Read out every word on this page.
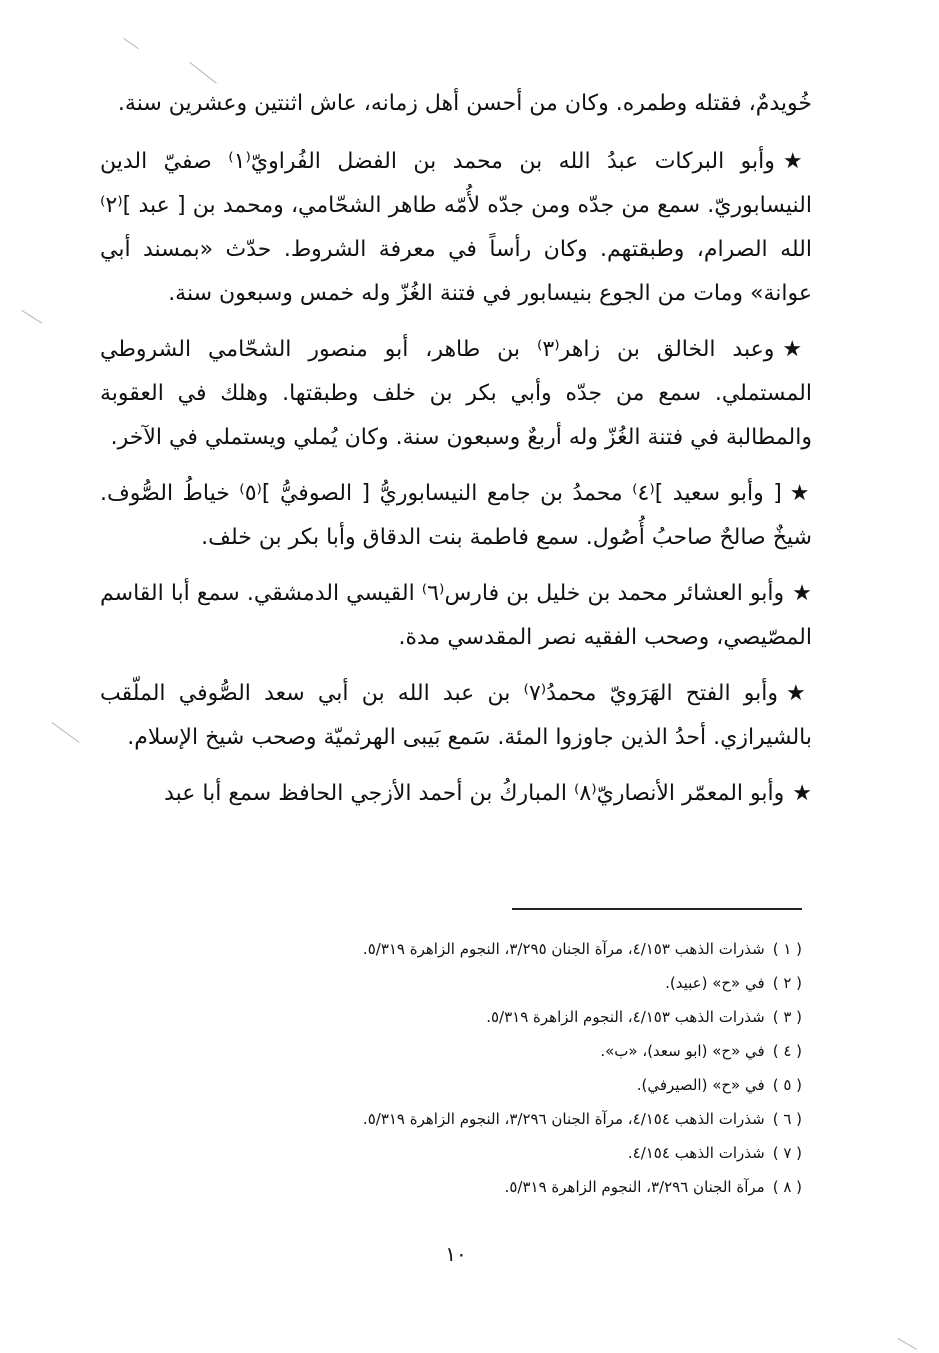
خُويدمٌ، فقتله وطمره. وكان من أحسن أهل زمانه، عاش اثنتين وعشرين سنة.

★وأبو البركات عبدُ الله بن محمد بن الفضل الفُراويّ⁽١⁾ صفيّ الدين النيسابوريّ. سمع من جدّه ومن جدّه لأُمّه طاهر الشحّامي، ومحمد بن [ عبد ]⁽٢⁾ الله الصرام، وطبقتهم. وكان رأساً في معرفة الشروط. حدّث «بمسند أبي عوانة» ومات من الجوع بنيسابور في فتنة الغُزّ وله خمس وسبعون سنة.

★وعبد الخالق بن زاهر⁽٣⁾ بن طاهر، أبو منصور الشحّامي الشروطي المستملي. سمع من جدّه وأبي بكر بن خلف وطبقتها. وهلك في العقوبة والمطالبة في فتنة الغُزّ وله أربعٌ وسبعون سنة. وكان يُملي ويستملي في الآخر.

★[ وأبو سعيد ]⁽٤⁾ محمدُ بن جامع النيسابوريُّ [ الصوفيُّ ]⁽٥⁾ خياطُ الصُّوف. شيخٌ صالحٌ صاحبُ أُصُول. سمع فاطمة بنت الدقاق وأبا بكر بن خلف.

★وأبو العشائر محمد بن خليل بن فارس⁽٦⁾ القيسي الدمشقي. سمع أبا القاسم المصّيصي، وصحب الفقيه نصر المقدسي مدة.

★وأبو الفتح الهَرَويّ محمدُ⁽٧⁾ بن عبد الله بن أبي سعد الصُّوفي الملّقب بالشيرازي. أحدُ الذين جاوزوا المئة. سَمع بَيبى الهرثميّة وصحب شيخ الإسلام.

★وأبو المعمّر الأنصاريّ⁽٨⁾ المباركُ بن أحمد الأزجي الحافظ سمع أبا عبد

( ١ )شذرات الذهب ٤/١٥٣، مرآة الجنان ٣/٢٩٥، النجوم الزاهرة ٥/٣١٩.
( ٢ )في «ح» (عبيد).
( ٣ )شذرات الذهب ٤/١٥٣، النجوم الزاهرة ٥/٣١٩.
( ٤ )في «ح» (ابو سعد)، «ب».
( ٥ )في «ح» (الصيرفي).
( ٦ )شذرات الذهب ٤/١٥٤، مرآة الجنان ٣/٢٩٦، النجوم الزاهرة ٥/٣١٩.
( ٧ )شذرات الذهب ٤/١٥٤.
( ٨ )مرآة الجنان ٣/٢٩٦، النجوم الزاهرة ٥/٣١٩.
١٠
